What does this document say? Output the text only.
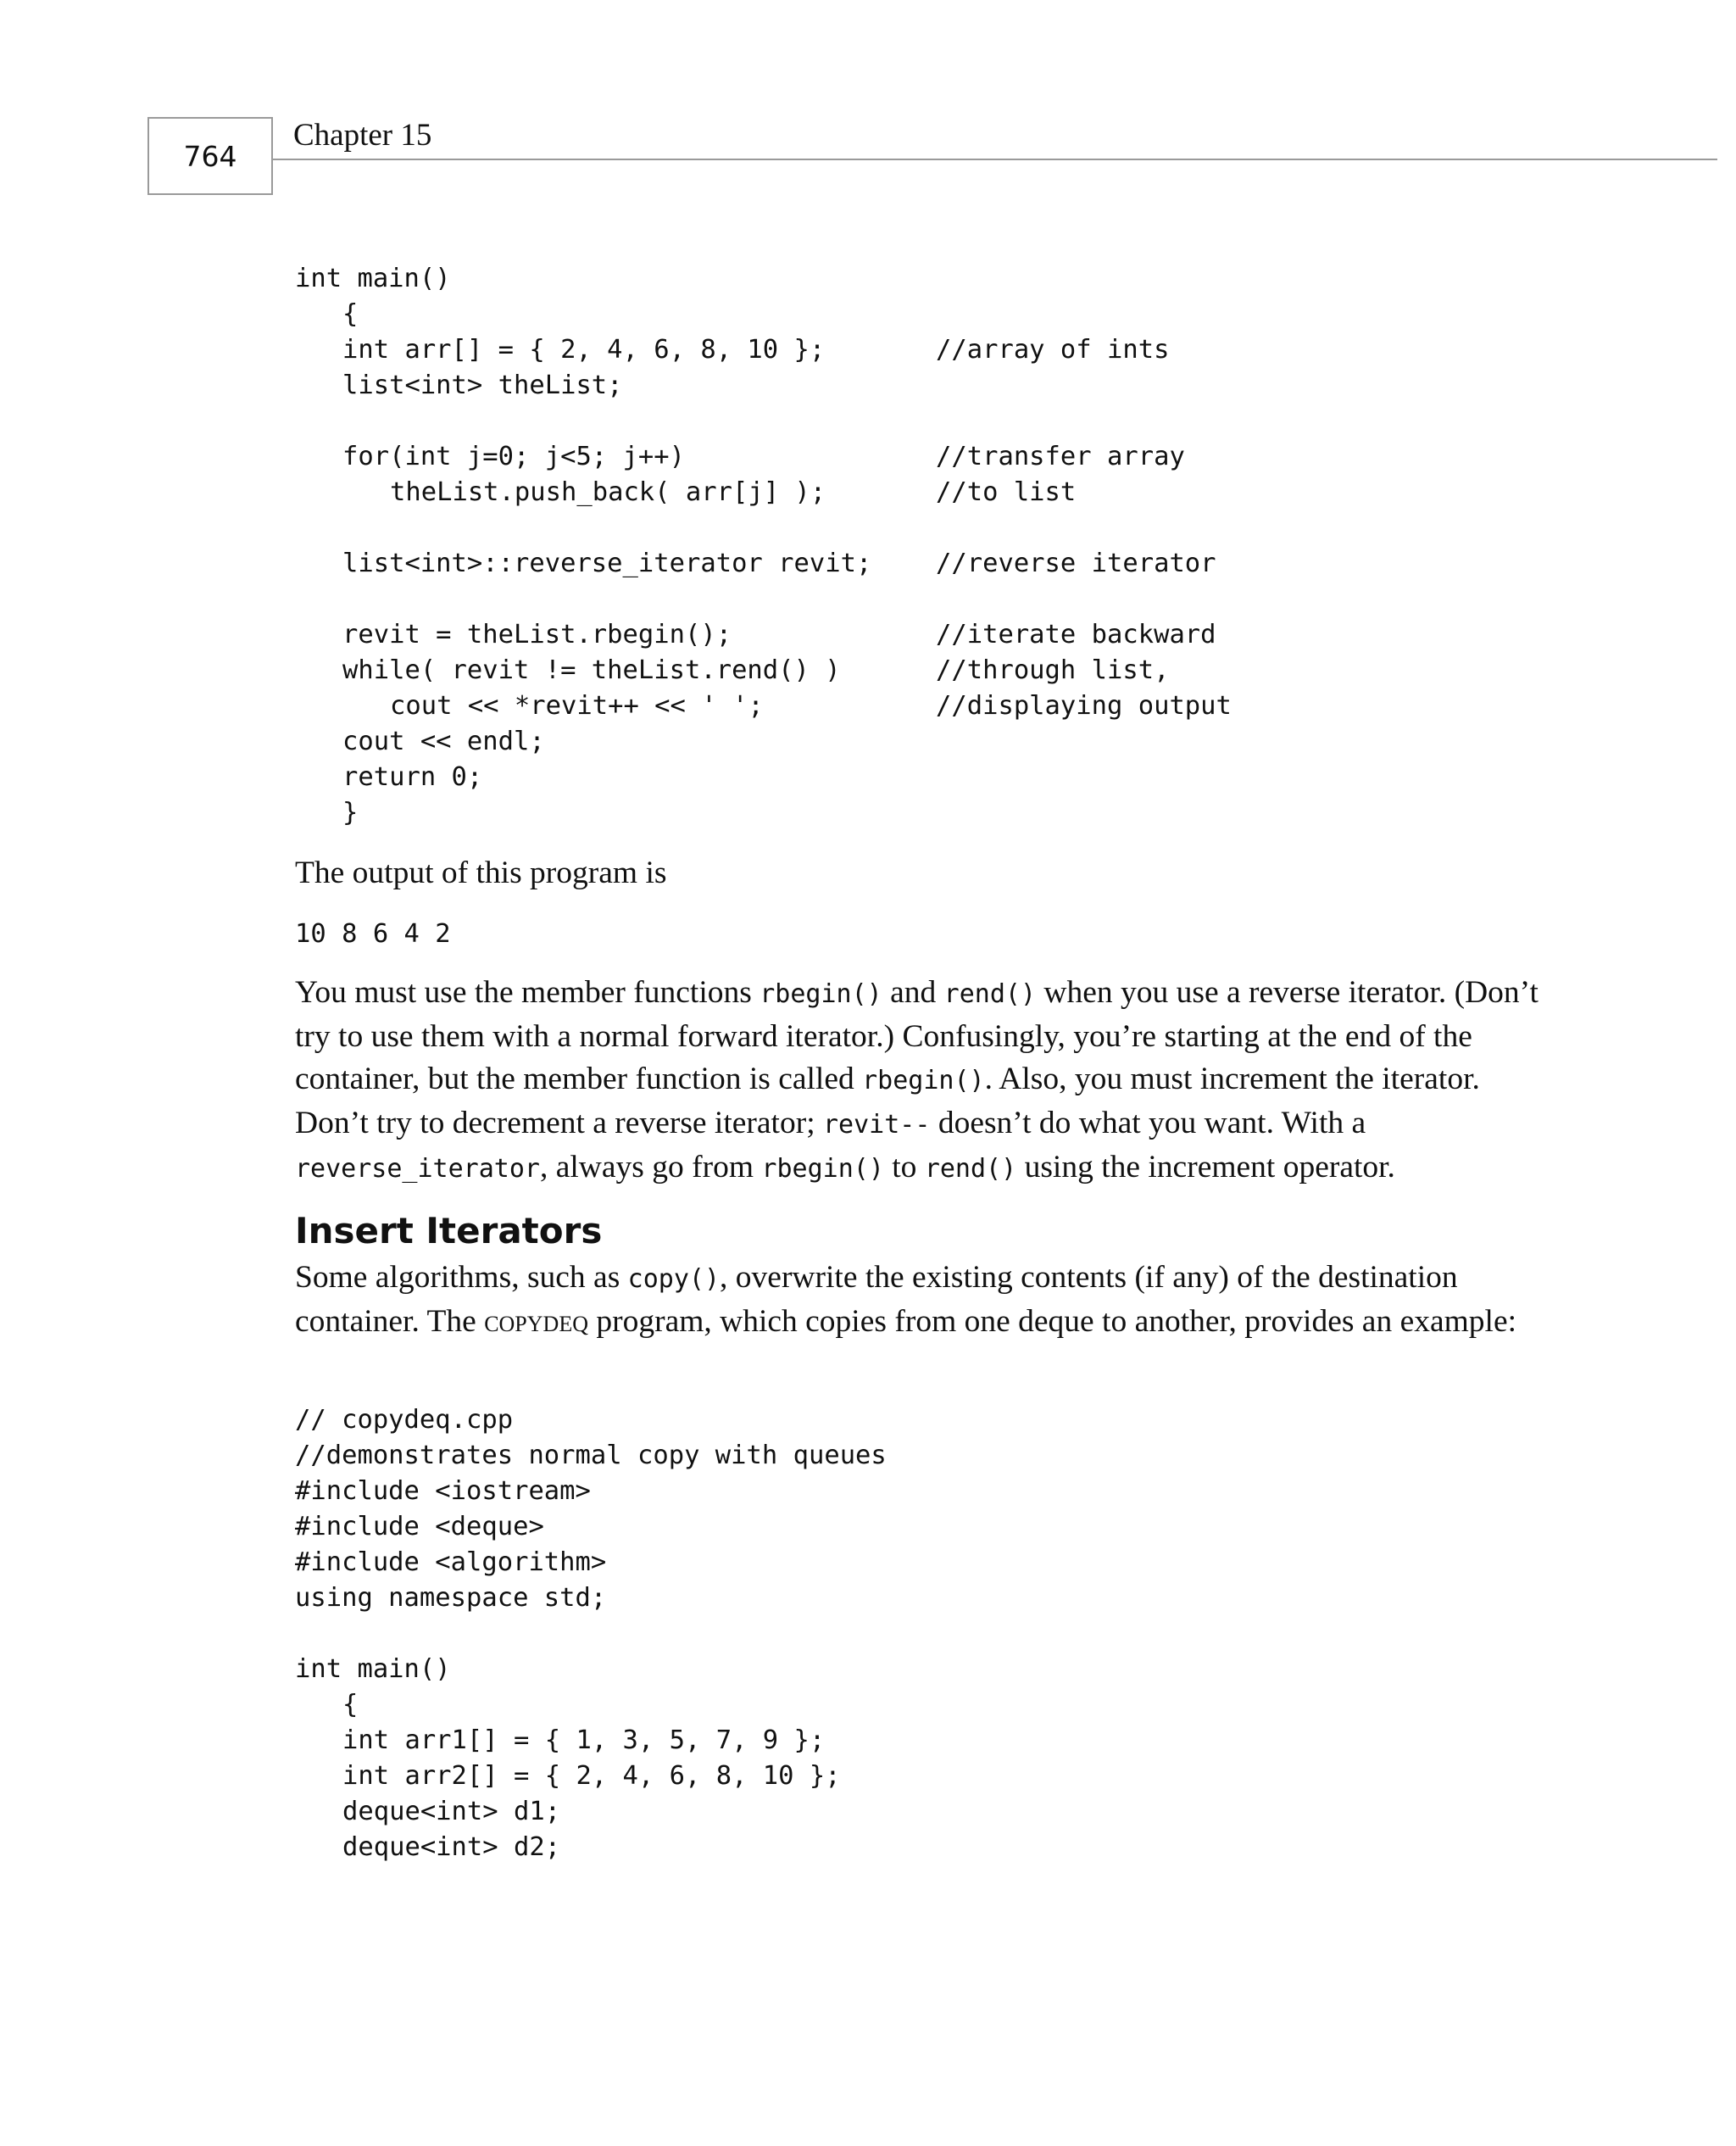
764
Chapter 15
int main()
{
int arr[] = { 2, 4, 6, 8, 10 };	//array of ints
list<int> theList;
for(int j=0; j<5; j++)	//transfer array
theList.push_back( arr[j] );	//to list
list<int>::reverse_iterator revit; //reverse iterator
revit = theList.rbegin();	//iterate backward
while( revit != theList.rend() )	//through list,
cout << *revit++ << ' ';	//displaying output
cout << endl;
return 0;
}

The output of this program is

10 8 6 4 2

You must use the member functions rbegin() and rend() when you use a reverse iterator. (Don’t try to use them with a normal forward iterator.) Confusingly, you’re starting at the end of the container, but the member function is called rbegin(). Also, you must increment the iterator. Don’t try to decrement a reverse iterator; revit-- doesn’t do what you want. With a reverse_iterator, always go from rbegin() to rend() using the increment operator.

Insert Iterators

Some algorithms, such as copy(), overwrite the existing contents (if any) of the destination container. The copydeq program, which copies from one deque to another, provides an example:

// copydeq.cpp
//demonstrates normal copy with queues
#include <iostream>
#include <deque>
#include <algorithm>
using namespace std;
int main()
{
int arr1[] = { 1, 3, 5, 7, 9 };
int arr2[] = { 2, 4, 6, 8, 10 };
deque<int> d1;
deque<int> d2;
